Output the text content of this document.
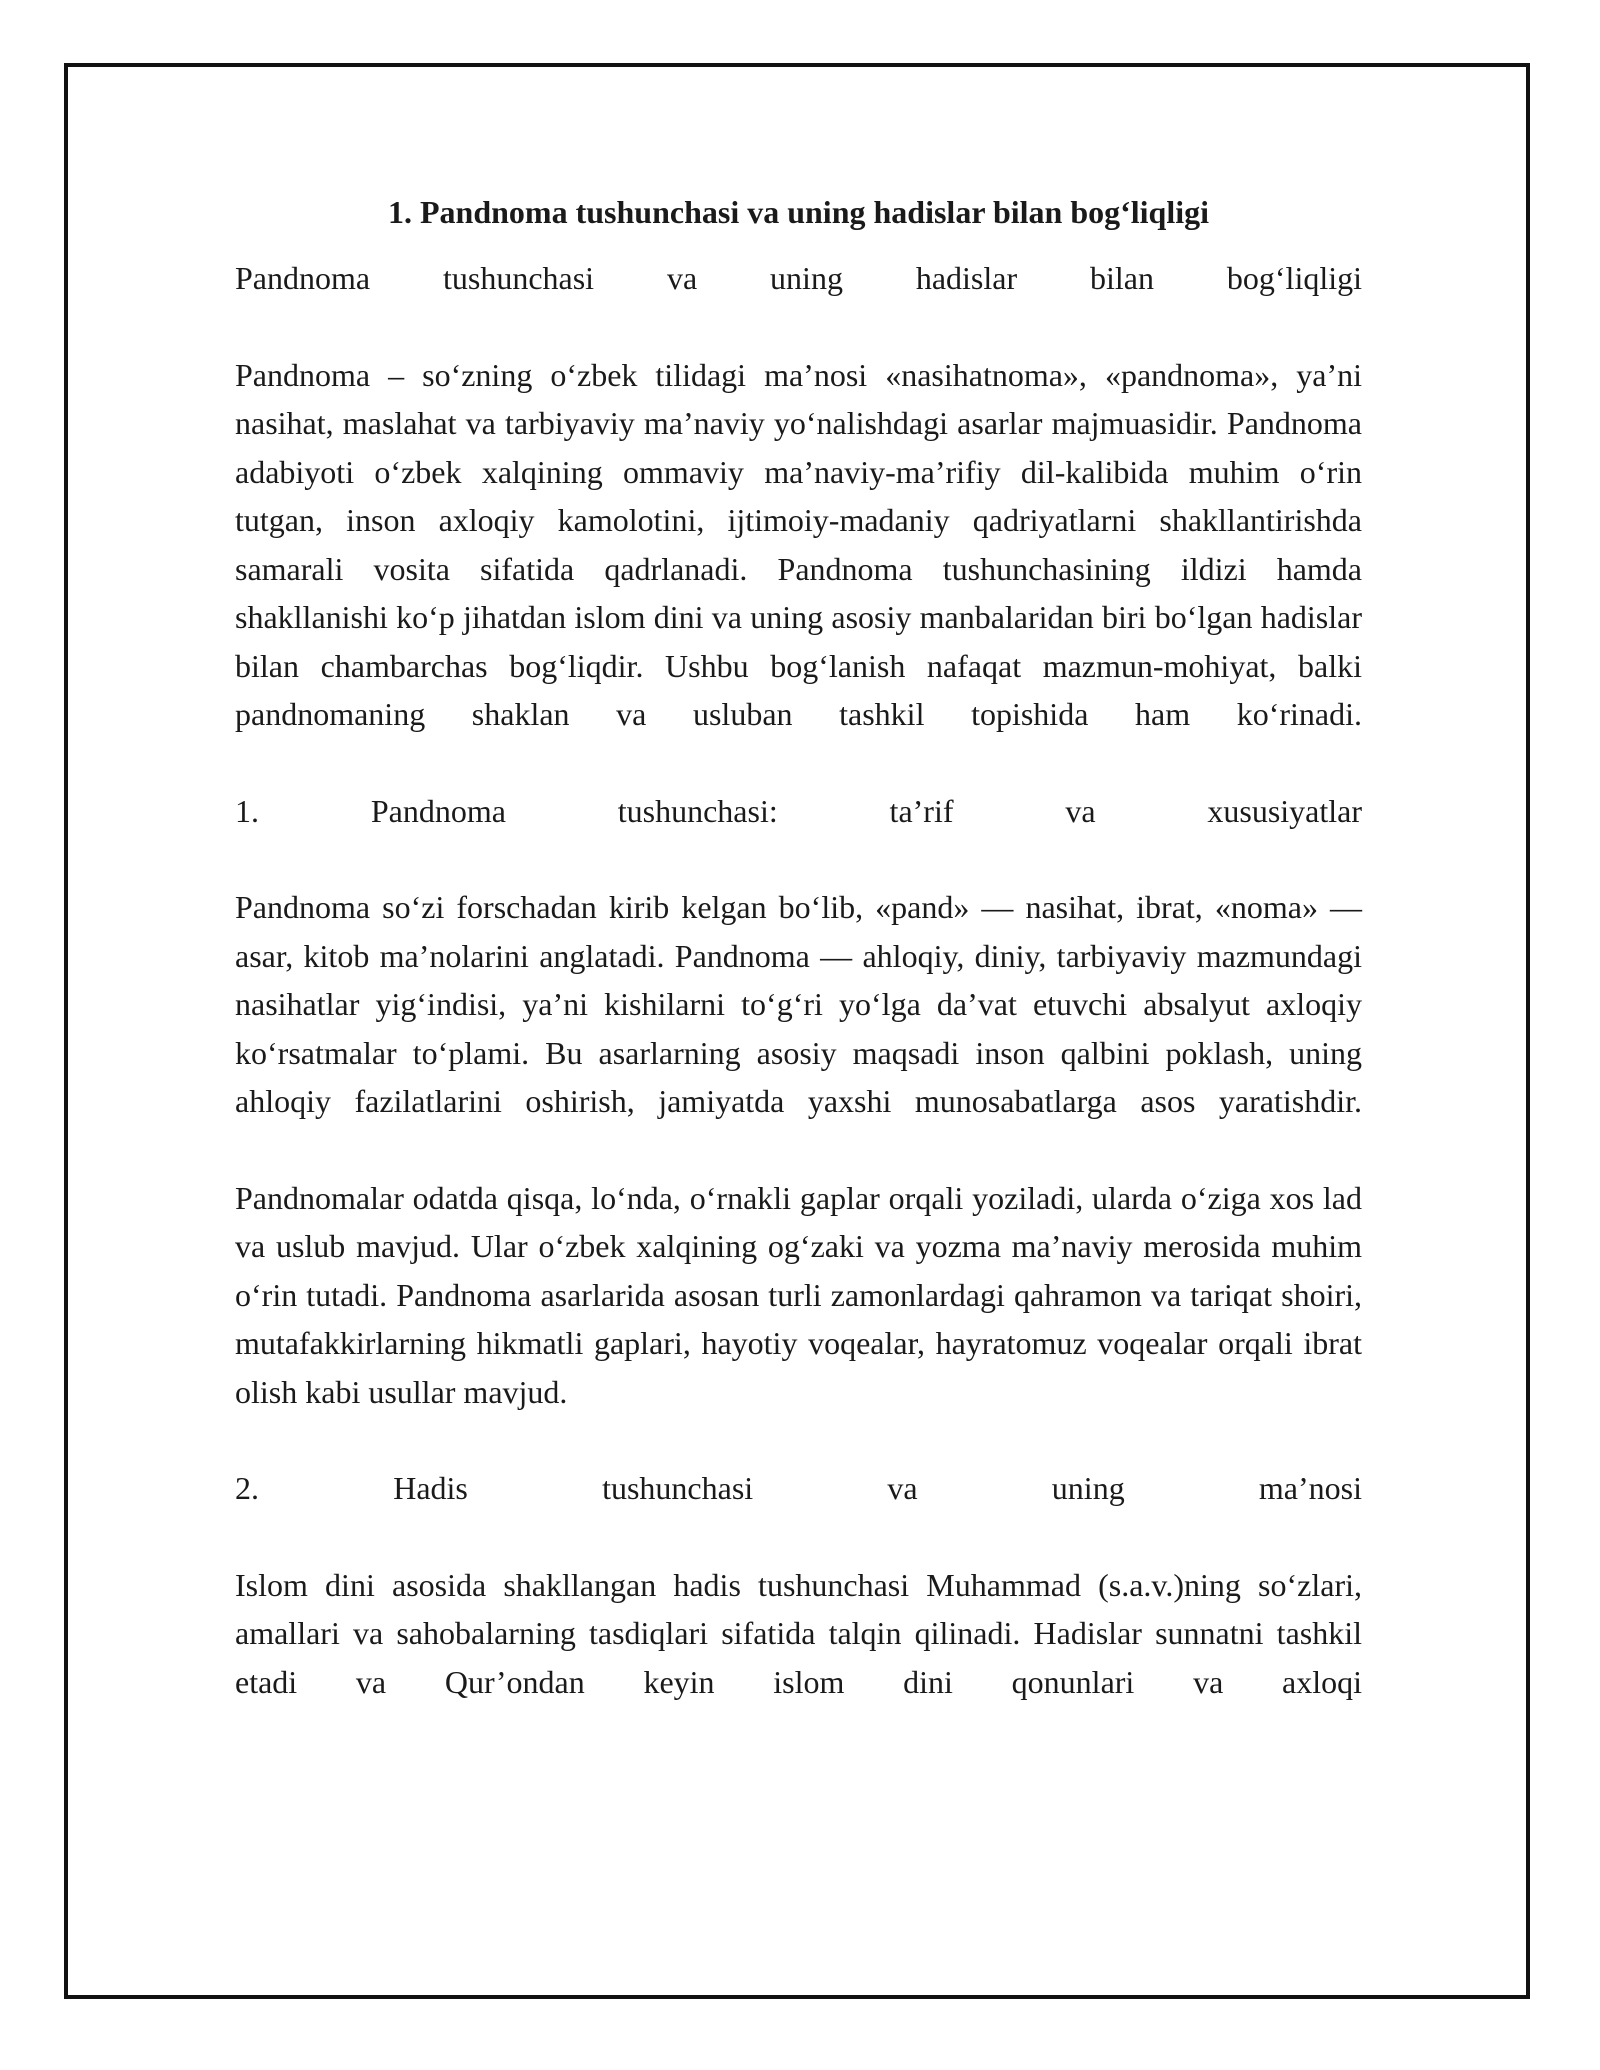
1. Pandnoma tushunchasi va uning hadislar bilan bog‘liqligi

Pandnoma tushunchasi va uning hadislar bilan bog‘liqligi

Pandnoma – so‘zning o‘zbek tilidagi ma’nosi «nasihatnoma», «pandnoma», ya’ni nasihat, maslahat va tarbiyaviy ma’naviy yo‘nalishdagi asarlar majmuasidir. Pandnoma adabiyoti o‘zbek xalqining ommaviy ma’naviy-ma’rifiy dil-kalibida muhim o‘rin tutgan, inson axloqiy kamolotini, ijtimoiy-madaniy qadriyatlarni shakllantirishda samarali vosita sifatida qadrlanadi. Pandnoma tushunchasining ildizi hamda shakllanishi ko‘p jihatdan islom dini va uning asosiy manbalaridan biri bo‘lgan hadislar bilan chambarchas bog‘liqdir. Ushbu bog‘lanish nafaqat mazmun-mohiyat, balki pandnomaning shaklan va usluban tashkil topishida ham ko‘rinadi.

1. Pandnoma tushunchasi: ta’rif va xususiyatlar

Pandnoma so‘zi forschadan kirib kelgan bo‘lib, «pand» — nasihat, ibrat, «noma» — asar, kitob ma’nolarini anglatadi. Pandnoma — ahloqiy, diniy, tarbiyaviy mazmundagi nasihatlar yig‘indisi, ya’ni kishilarni to‘g‘ri yo‘lga da’vat etuvchi absalyut axloqiy ko‘rsatmalar to‘plami. Bu asarlarning asosiy maqsadi inson qalbini poklash, uning ahloqiy fazilatlarini oshirish, jamiyatda yaxshi munosabatlarga asos yaratishdir.

Pandnomalar odatda qisqa, lo‘nda, o‘rnakli gaplar orqali yoziladi, ularda o‘ziga xos lad va uslub mavjud. Ular o‘zbek xalqining og‘zaki va yozma ma’naviy merosida muhim o‘rin tutadi. Pandnoma asarlarida asosan turli zamonlardagi qahramon va tariqat shoiri, mutafakkirlarning hikmatli gaplari, hayotiy voqealar, hayratomuz voqealar orqali ibrat olish kabi usullar mavjud.

2. Hadis tushunchasi va uning ma’nosi

Islom dini asosida shakllangan hadis tushunchasi Muhammad (s.a.v.)ning so‘zlari, amallari va sahobalarning tasdiqlari sifatida talqin qilinadi. Hadislar sunnatni tashkil etadi va Qur’ondan keyin islom dini qonunlari va axloqi
